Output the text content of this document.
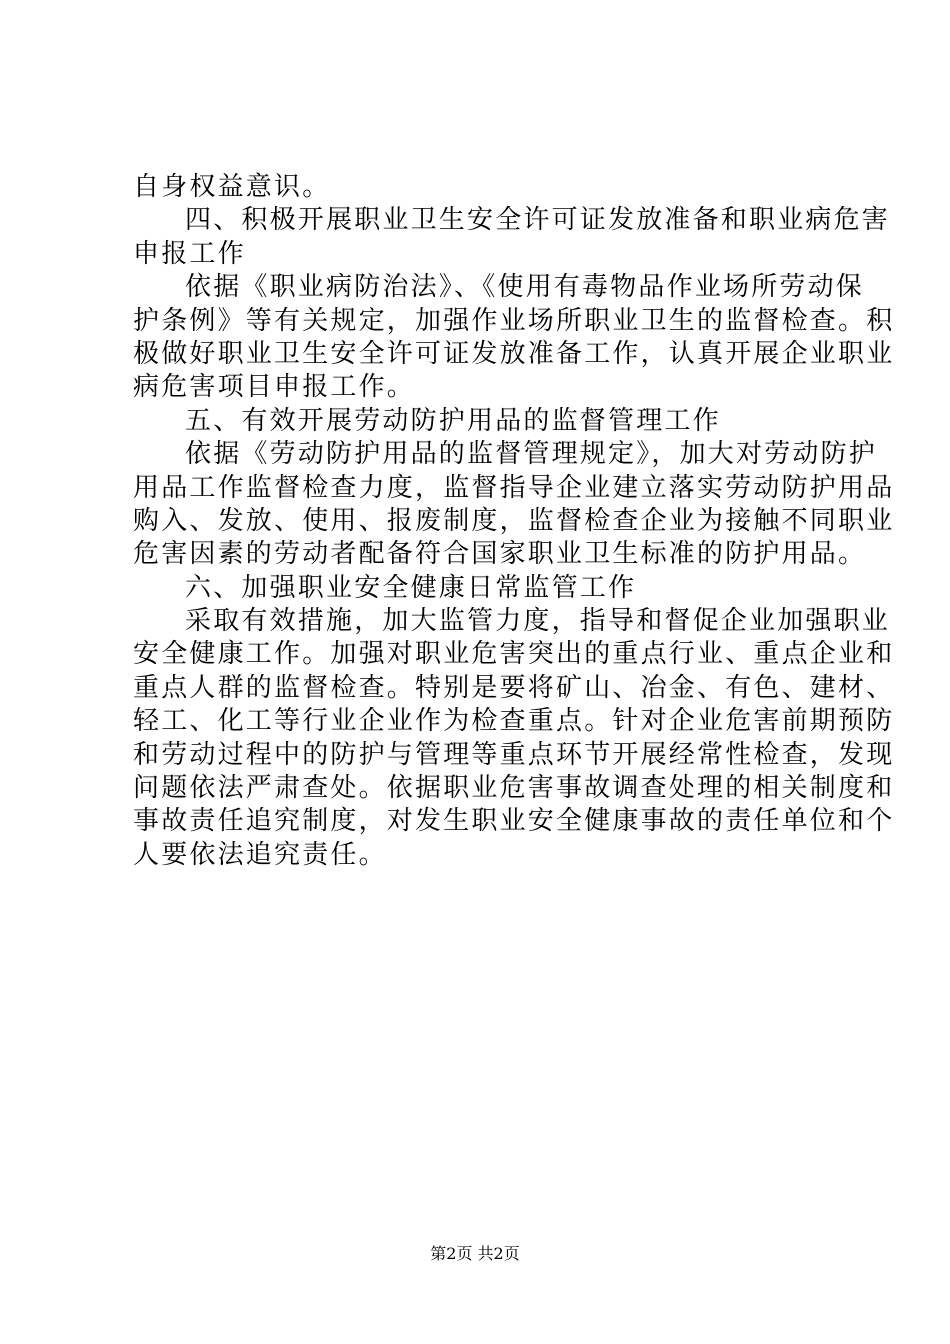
自身权益意识。
四、积极开展职业卫生安全许可证发放准备和职业病危害
申报工作
依据《职业病防治法》、《使用有毒物品作业场所劳动保
护条例》等有关规定，加强作业场所职业卫生的监督检查。积
极做好职业卫生安全许可证发放准备工作，认真开展企业职业
病危害项目申报工作。
五、有效开展劳动防护用品的监督管理工作
依据《劳动防护用品的监督管理规定》，加大对劳动防护
用品工作监督检查力度，监督指导企业建立落实劳动防护用品
购入、发放、使用、报废制度，监督检查企业为接触不同职业
危害因素的劳动者配备符合国家职业卫生标准的防护用品。
六、加强职业安全健康日常监管工作
采取有效措施，加大监管力度，指导和督促企业加强职业
安全健康工作。加强对职业危害突出的重点行业、重点企业和
重点人群的监督检查。特别是要将矿山、冶金、有色、建材、
轻工、化工等行业企业作为检查重点。针对企业危害前期预防
和劳动过程中的防护与管理等重点环节开展经常性检查，发现
问题依法严肃查处。依据职业危害事故调查处理的相关制度和
事故责任追究制度，对发生职业安全健康事故的责任单位和个
人要依法追究责任。
第2页 共2页
